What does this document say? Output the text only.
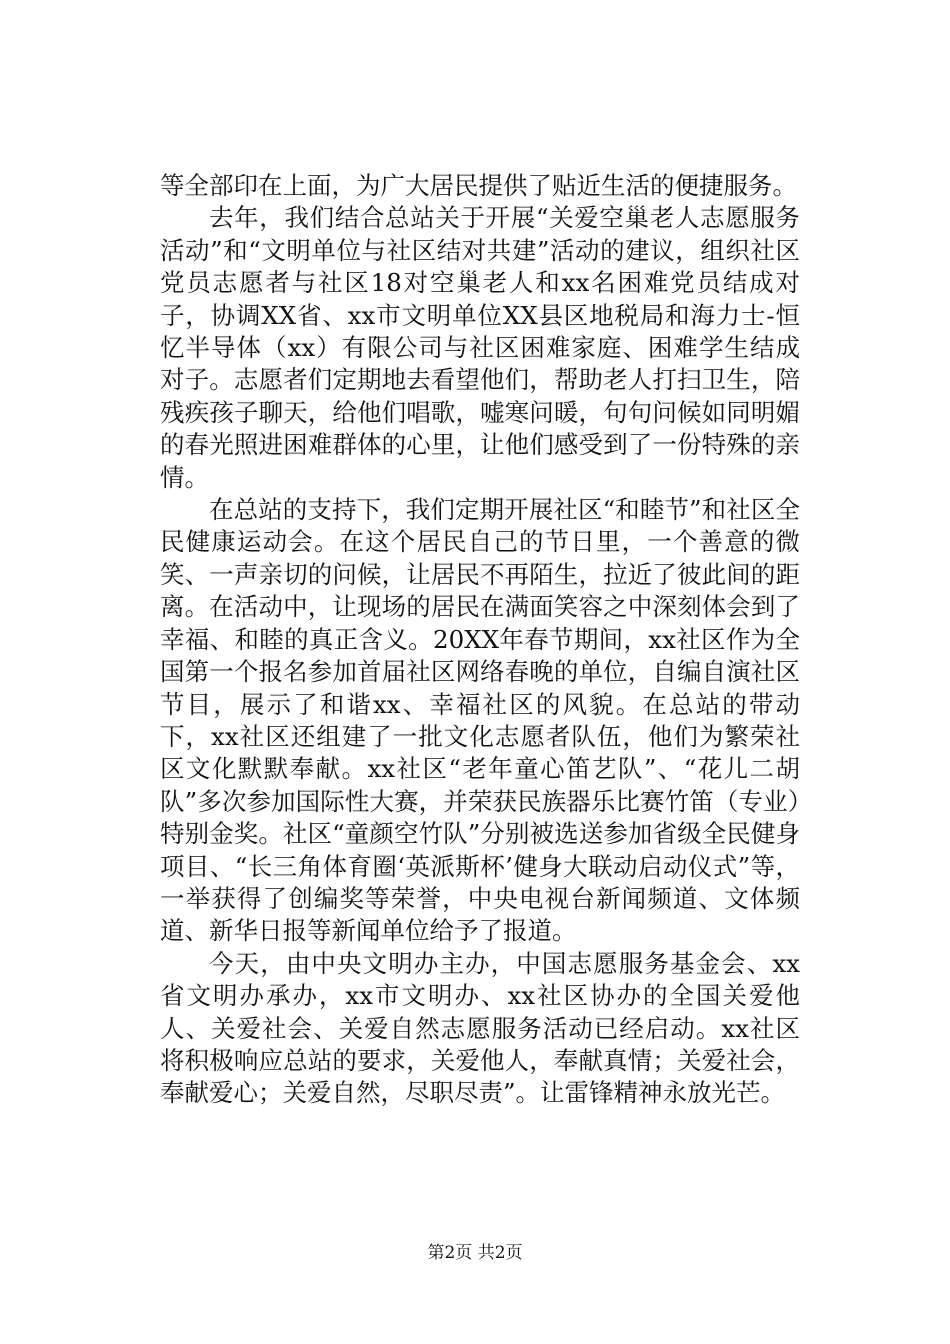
等全部印在上面，为广大居民提供了贴近生活的便捷服务。

去年，我们结合总站关于开展“关爱空巢老人志愿服务活动”和“文明单位与社区结对共建”活动的建议，组织社区党员志愿者与社区18对空巢老人和xx名困难党员结成对子，协调XX省、xx市文明单位XX县区地税局和海力士-恒忆半导体（xx）有限公司与社区困难家庭、困难学生结成对子。志愿者们定期地去看望他们，帮助老人打扫卫生，陪残疾孩子聊天，给他们唱歌，嘘寒问暖，句句问候如同明媚的春光照进困难群体的心里，让他们感受到了一份特殊的亲情。

在总站的支持下，我们定期开展社区“和睦节”和社区全民健康运动会。在这个居民自己的节日里，一个善意的微笑、一声亲切的问候，让居民不再陌生，拉近了彼此间的距离。在活动中，让现场的居民在满面笑容之中深刻体会到了幸福、和睦的真正含义。20XX年春节期间，xx社区作为全国第一个报名参加首届社区网络春晚的单位，自编自演社区节目，展示了和谐xx、幸福社区的风貌。在总站的带动下，xx社区还组建了一批文化志愿者队伍，他们为繁荣社区文化默默奉献。xx社区“老年童心笛艺队”、“花儿二胡队”多次参加国际性大赛，并荣获民族器乐比赛竹笛（专业）特别金奖。社区“童颜空竹队”分别被选送参加省级全民健身项目、“长三角体育圈‘英派斯杯’健身大联动启动仪式”等，一举获得了创编奖等荣誉，中央电视台新闻频道、文体频道、新华日报等新闻单位给予了报道。

今天，由中央文明办主办，中国志愿服务基金会、xx省文明办承办，xx市文明办、xx社区协办的全国关爱他人、关爱社会、关爱自然志愿服务活动已经启动。xx社区将积极响应总站的要求，关爱他人，奉献真情；关爱社会，奉献爱心；关爱自然，尽职尽责”。让雷锋精神永放光芒。

第2页 共2页
